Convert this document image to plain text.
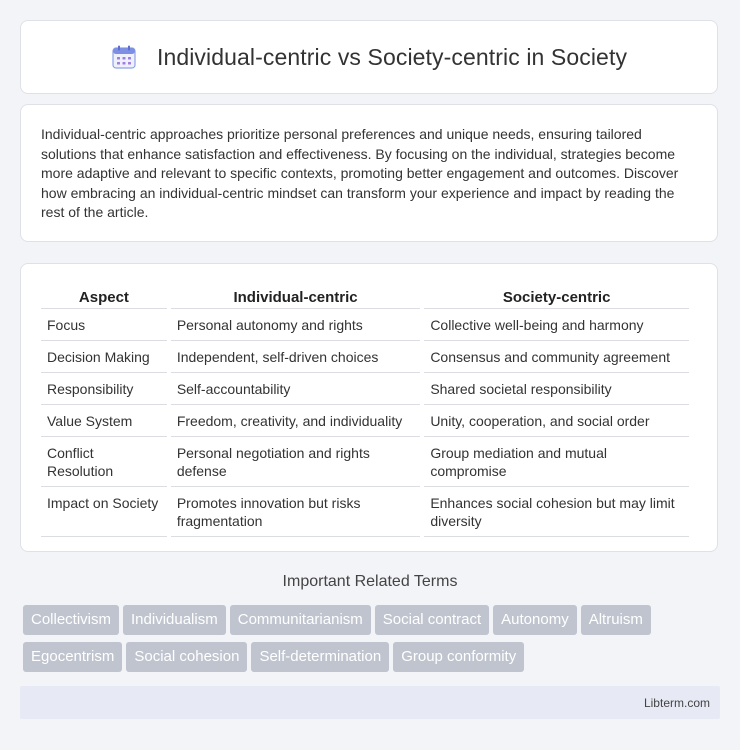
Individual-centric vs Society-centric in Society

Individual-centric approaches prioritize personal preferences and unique needs, ensuring tailored solutions that enhance satisfaction and effectiveness. By focusing on the individual, strategies become more adaptive and relevant to specific contexts, promoting better engagement and outcomes. Discover how embracing an individual-centric mindset can transform your experience and impact by reading the rest of the article.

Aspect	Individual-centric	Society-centric
Focus	Personal autonomy and rights	Collective well-being and harmony
Decision Making	Independent, self-driven choices	Consensus and community agreement
Responsibility	Self-accountability	Shared societal responsibility
Value System	Freedom, creativity, and individuality	Unity, cooperation, and social order
Conflict Resolution	Personal negotiation and rights defense	Group mediation and mutual compromise
Impact on Society	Promotes innovation but risks fragmentation	Enhances social cohesion but may limit diversity
Important Related Terms
Collectivism Individualism Communitarianism Social contract Autonomy Altruism
Egocentrism Social cohesion Self-determination Group conformity
Libterm.com
